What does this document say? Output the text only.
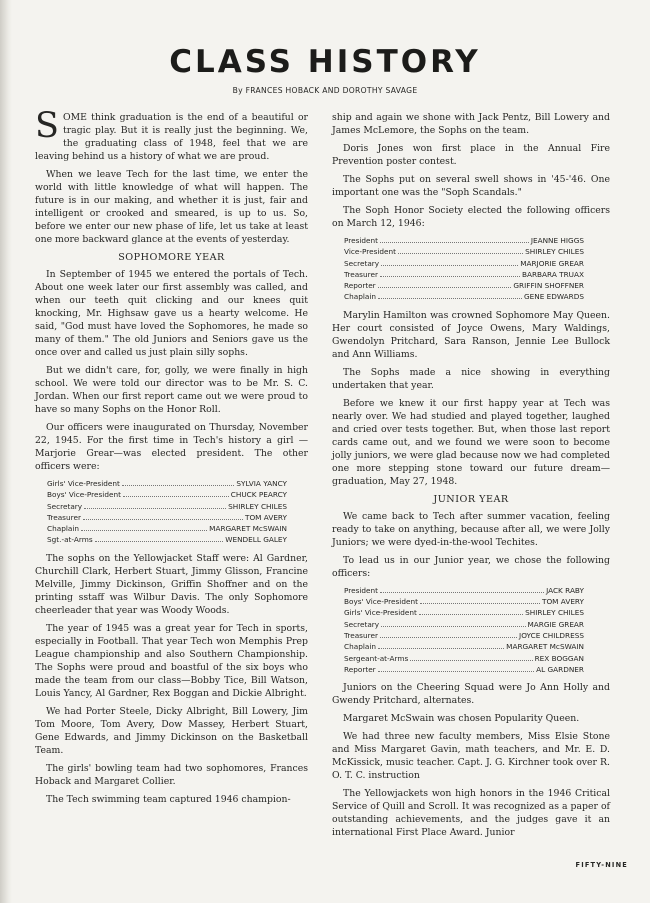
CLASS HISTORY
By FRANCES HOBACK AND DOROTHY SAVAGE

SOME think graduation is the end of a beautiful or tragic play. But it is really just the beginning. We, the graduating class of 1948, feel that we are leaving behind us a history of what we are proud.

When we leave Tech for the last time, we enter the world with little knowledge of what will happen. The future is in our making, and whether it is just, fair and intelligent or crooked and smeared, is up to us. So, before we enter our new phase of life, let us take at least one more backward glance at the events of yesterday.

SOPHOMORE YEAR

In September of 1945 we entered the portals of Tech. About one week later our first assembly was called, and when our teeth quit clicking and our knees quit knocking, Mr. Highsaw gave us a hearty welcome. He said, "God must have loved the Sophomores, he made so many of them." The old Juniors and Seniors gave us the once over and called us just plain silly sophs.

But we didn't care, for, golly, we were finally in high school. We were told our director was to be Mr. S. C. Jordan. When our first report came out we were proud to have so many Sophs on the Honor Roll.

Our officers were inaugurated on Thursday, November 22, 1945. For the first time in Tech's history a girl —Marjorie Grear—was elected president. The other officers were:

Girls' Vice-President	SYLVIA YANCY
Boys' Vice-President	CHUCK PEARCY
Secretary	SHIRLEY CHILES
Treasurer	TOM AVERY
Chaplain	MARGARET McSWAIN
Sgt.-at-Arms	WENDELL GALEY

The sophs on the Yellowjacket Staff were: Al Gardner, Churchill Clark, Herbert Stuart, Jimmy Glisson, Francine Melville, Jimmy Dickinson, Griffin Shoffner and on the printing sstaff was Wilbur Davis. The only Sophomore cheerleader that year was Woody Woods.

The year of 1945 was a great year for Tech in sports, especially in Football. That year Tech won Memphis Prep League championship and also Southern Championship. The Sophs were proud and boastful of the six boys who made the team from our class—Bobby Tice, Bill Watson, Louis Yancy, Al Gardner, Rex Boggan and Dickie Albright.

We had Porter Steele, Dicky Albright, Bill Lowery, Jim Tom Moore, Tom Avery, Dow Massey, Herbert Stuart, Gene Edwards, and Jimmy Dickinson on the Basketball Team.

The girls' bowling team had two sophomores, Frances Hoback and Margaret Collier.

The Tech swimming team captured 1946 champion-

ship and again we shone with Jack Pentz, Bill Lowery and James McLemore, the Sophs on the team.

Doris Jones won first place in the Annual Fire Prevention poster contest.

The Sophs put on several swell shows in '45-'46. One important one was the "Soph Scandals."

The Soph Honor Society elected the following officers on March 12, 1946:

President	JEANNE HIGGS
Vice-President	SHIRLEY CHILES
Secretary	MARJORIE GREAR
Treasurer	BARBARA TRUAX
Reporter	GRIFFIN SHOFFNER
Chaplain	GENE EDWARDS

Marylin Hamilton was crowned Sophomore May Queen. Her court consisted of Joyce Owens, Mary Waldings, Gwendolyn Pritchard, Sara Ranson, Jennie Lee Bullock and Ann Williams.

The Sophs made a nice showing in everything undertaken that year.

Before we knew it our first happy year at Tech was nearly over. We had studied and played together, laughed and cried over tests together. But, when those last report cards came out, and we found we were soon to become jolly juniors, we were glad because now we had completed one more stepping stone toward our future dream—graduation, May 27, 1948.

JUNIOR YEAR

We came back to Tech after summer vacation, feeling ready to take on anything, because after all, we were Jolly Juniors; we were dyed-in-the-wool Techites.

To lead us in our Junior year, we chose the following officers:

President	JACK RABY
Boys' Vice-President	TOM AVERY
Girls' Vice-President	SHIRLEY CHILES
Secretary	MARGIE GREAR
Treasurer	JOYCE CHILDRESS
Chaplain	MARGARET McSWAIN
Sergeant-at-Arms	REX BOGGAN
Reporter	AL GARDNER

Juniors on the Cheering Squad were Jo Ann Holly and Gwendy Pritchard, alternates.

Margaret McSwain was chosen Popularity Queen.

We had three new faculty members, Miss Elsie Stone and Miss Margaret Gavin, math teachers, and Mr. E. D. McKissick, music teacher. Capt. J. G. Kirchner took over R. O. T. C. instruction

The Yellowjackets won high honors in the 1946 Critical Service of Quill and Scroll. It was recognized as a paper of outstanding achievements, and the judges gave it an international First Place Award. Junior

FIFTY-NINE
